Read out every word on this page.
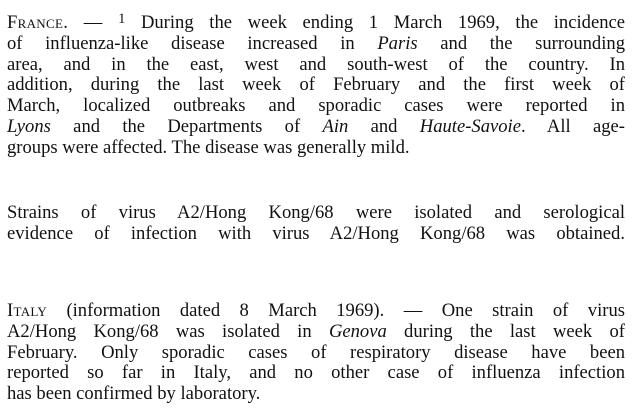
France. — $^1$ During the week ending 1 March 1969, the incidence
of influenza-like disease increased in Paris and the surrounding
area, and in the east, west and south-west of the country. In
addition, during the last week of February and the first week of
March, localized outbreaks and sporadic cases were reported in
Lyons and the Departments of Ain and Haute-Savoie. All age-
groups were affected. The disease was generally mild.
Strains of virus A2/Hong Kong/68 were isolated and serological
evidence of infection with virus A2/Hong Kong/68 was obtained.
Italy (information dated 8 March 1969). — One strain of virus
A2/Hong Kong/68 was isolated in Genova during the last week of
February. Only sporadic cases of respiratory disease have been
reported so far in Italy, and no other case of influenza infection
has been confirmed by laboratory.
